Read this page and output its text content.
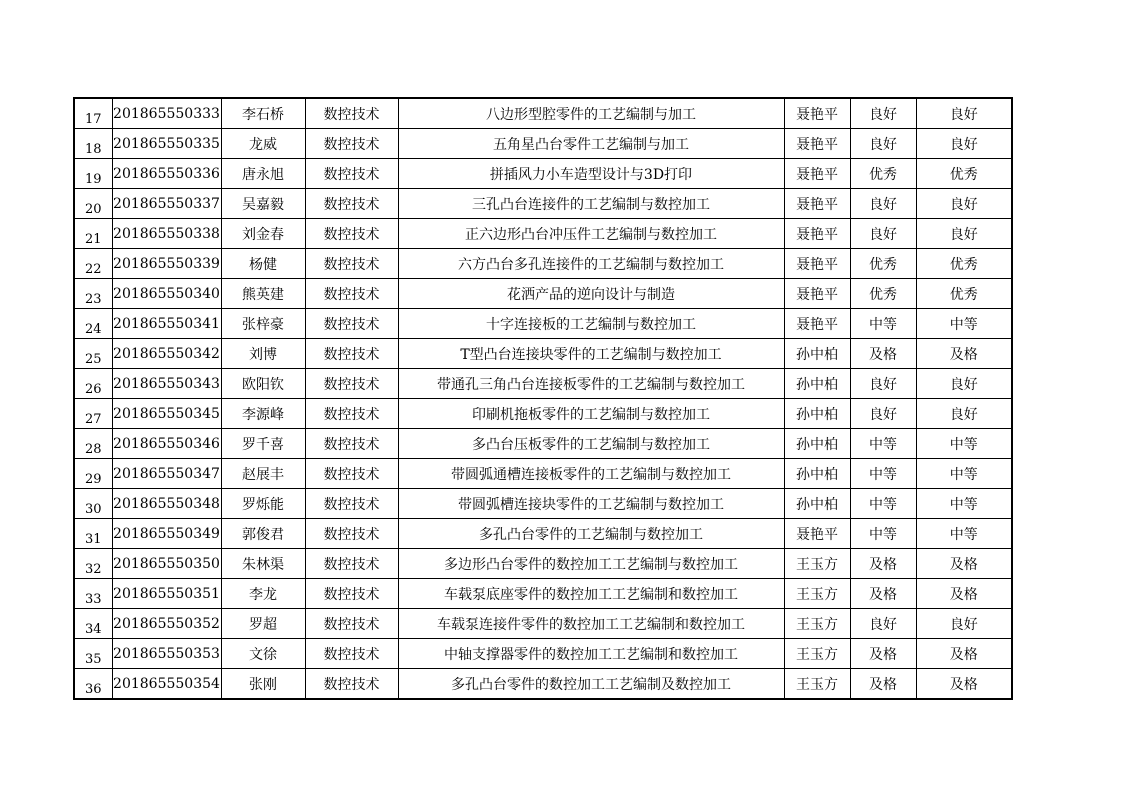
17	201865550333	李石桥	数控技术	八边形型腔零件的工艺编制与加工	聂艳平	良好	良好
18	201865550335	龙威	数控技术	五角星凸台零件工艺编制与加工	聂艳平	良好	良好
19	201865550336	唐永旭	数控技术	拼插风力小车造型设计与3D打印	聂艳平	优秀	优秀
20	201865550337	吴嘉毅	数控技术	三孔凸台连接件的工艺编制与数控加工	聂艳平	良好	良好
21	201865550338	刘金春	数控技术	正六边形凸台冲压件工艺编制与数控加工	聂艳平	良好	良好
22	201865550339	杨健	数控技术	六方凸台多孔连接件的工艺编制与数控加工	聂艳平	优秀	优秀
23	201865550340	熊英建	数控技术	花洒产品的逆向设计与制造	聂艳平	优秀	优秀
24	201865550341	张梓豪	数控技术	十字连接板的工艺编制与数控加工	聂艳平	中等	中等
25	201865550342	刘博	数控技术	T型凸台连接块零件的工艺编制与数控加工	孙中柏	及格	及格
26	201865550343	欧阳钦	数控技术	带通孔三角凸台连接板零件的工艺编制与数控加工	孙中柏	良好	良好
27	201865550345	李源峰	数控技术	印刷机拖板零件的工艺编制与数控加工	孙中柏	良好	良好
28	201865550346	罗千喜	数控技术	多凸台压板零件的工艺编制与数控加工	孙中柏	中等	中等
29	201865550347	赵展丰	数控技术	带圆弧通槽连接板零件的工艺编制与数控加工	孙中柏	中等	中等
30	201865550348	罗烁能	数控技术	带圆弧槽连接块零件的工艺编制与数控加工	孙中柏	中等	中等
31	201865550349	郭俊君	数控技术	多孔凸台零件的工艺编制与数控加工	聂艳平	中等	中等
32	201865550350	朱林渠	数控技术	多边形凸台零件的数控加工工艺编制与数控加工	王玉方	及格	及格
33	201865550351	李龙	数控技术	车载泵底座零件的数控加工工艺编制和数控加工	王玉方	及格	及格
34	201865550352	罗超	数控技术	车载泵连接件零件的数控加工工艺编制和数控加工	王玉方	良好	良好
35	201865550353	文徐	数控技术	中轴支撑器零件的数控加工工艺编制和数控加工	王玉方	及格	及格
36	201865550354	张刚	数控技术	多孔凸台零件的数控加工工艺编制及数控加工	王玉方	及格	及格
